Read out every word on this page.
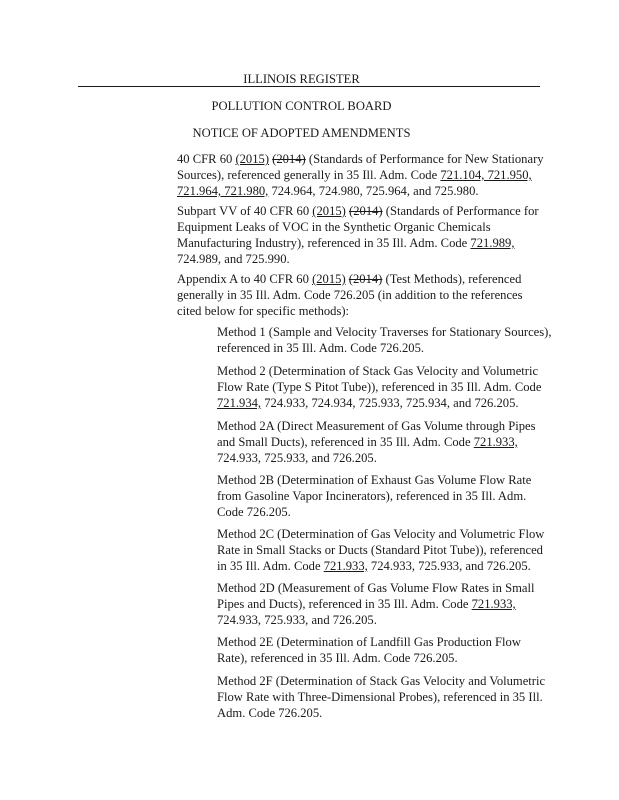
ILLINOIS REGISTER
POLLUTION CONTROL BOARD
NOTICE OF ADOPTED AMENDMENTS
40 CFR 60 (2015) (2014) (Standards of Performance for New Stationary Sources), referenced generally in 35 Ill. Adm. Code 721.104, 721.950, 721.964, 721.980, 724.964, 724.980, 725.964, and 725.980.
Subpart VV of 40 CFR 60 (2015) (2014) (Standards of Performance for Equipment Leaks of VOC in the Synthetic Organic Chemicals Manufacturing Industry), referenced in 35 Ill. Adm. Code 721.989, 724.989, and 725.990.
Appendix A to 40 CFR 60 (2015) (2014) (Test Methods), referenced generally in 35 Ill. Adm. Code 726.205 (in addition to the references cited below for specific methods):
Method 1 (Sample and Velocity Traverses for Stationary Sources), referenced in 35 Ill. Adm. Code 726.205.
Method 2 (Determination of Stack Gas Velocity and Volumetric Flow Rate (Type S Pitot Tube)), referenced in 35 Ill. Adm. Code 721.934, 724.933, 724.934, 725.933, 725.934, and 726.205.
Method 2A (Direct Measurement of Gas Volume through Pipes and Small Ducts), referenced in 35 Ill. Adm. Code 721.933, 724.933, 725.933, and 726.205.
Method 2B (Determination of Exhaust Gas Volume Flow Rate from Gasoline Vapor Incinerators), referenced in 35 Ill. Adm. Code 726.205.
Method 2C (Determination of Gas Velocity and Volumetric Flow Rate in Small Stacks or Ducts (Standard Pitot Tube)), referenced in 35 Ill. Adm. Code 721.933, 724.933, 725.933, and 726.205.
Method 2D (Measurement of Gas Volume Flow Rates in Small Pipes and Ducts), referenced in 35 Ill. Adm. Code 721.933, 724.933, 725.933, and 726.205.
Method 2E (Determination of Landfill Gas Production Flow Rate), referenced in 35 Ill. Adm. Code 726.205.
Method 2F (Determination of Stack Gas Velocity and Volumetric Flow Rate with Three-Dimensional Probes), referenced in 35 Ill. Adm. Code 726.205.
